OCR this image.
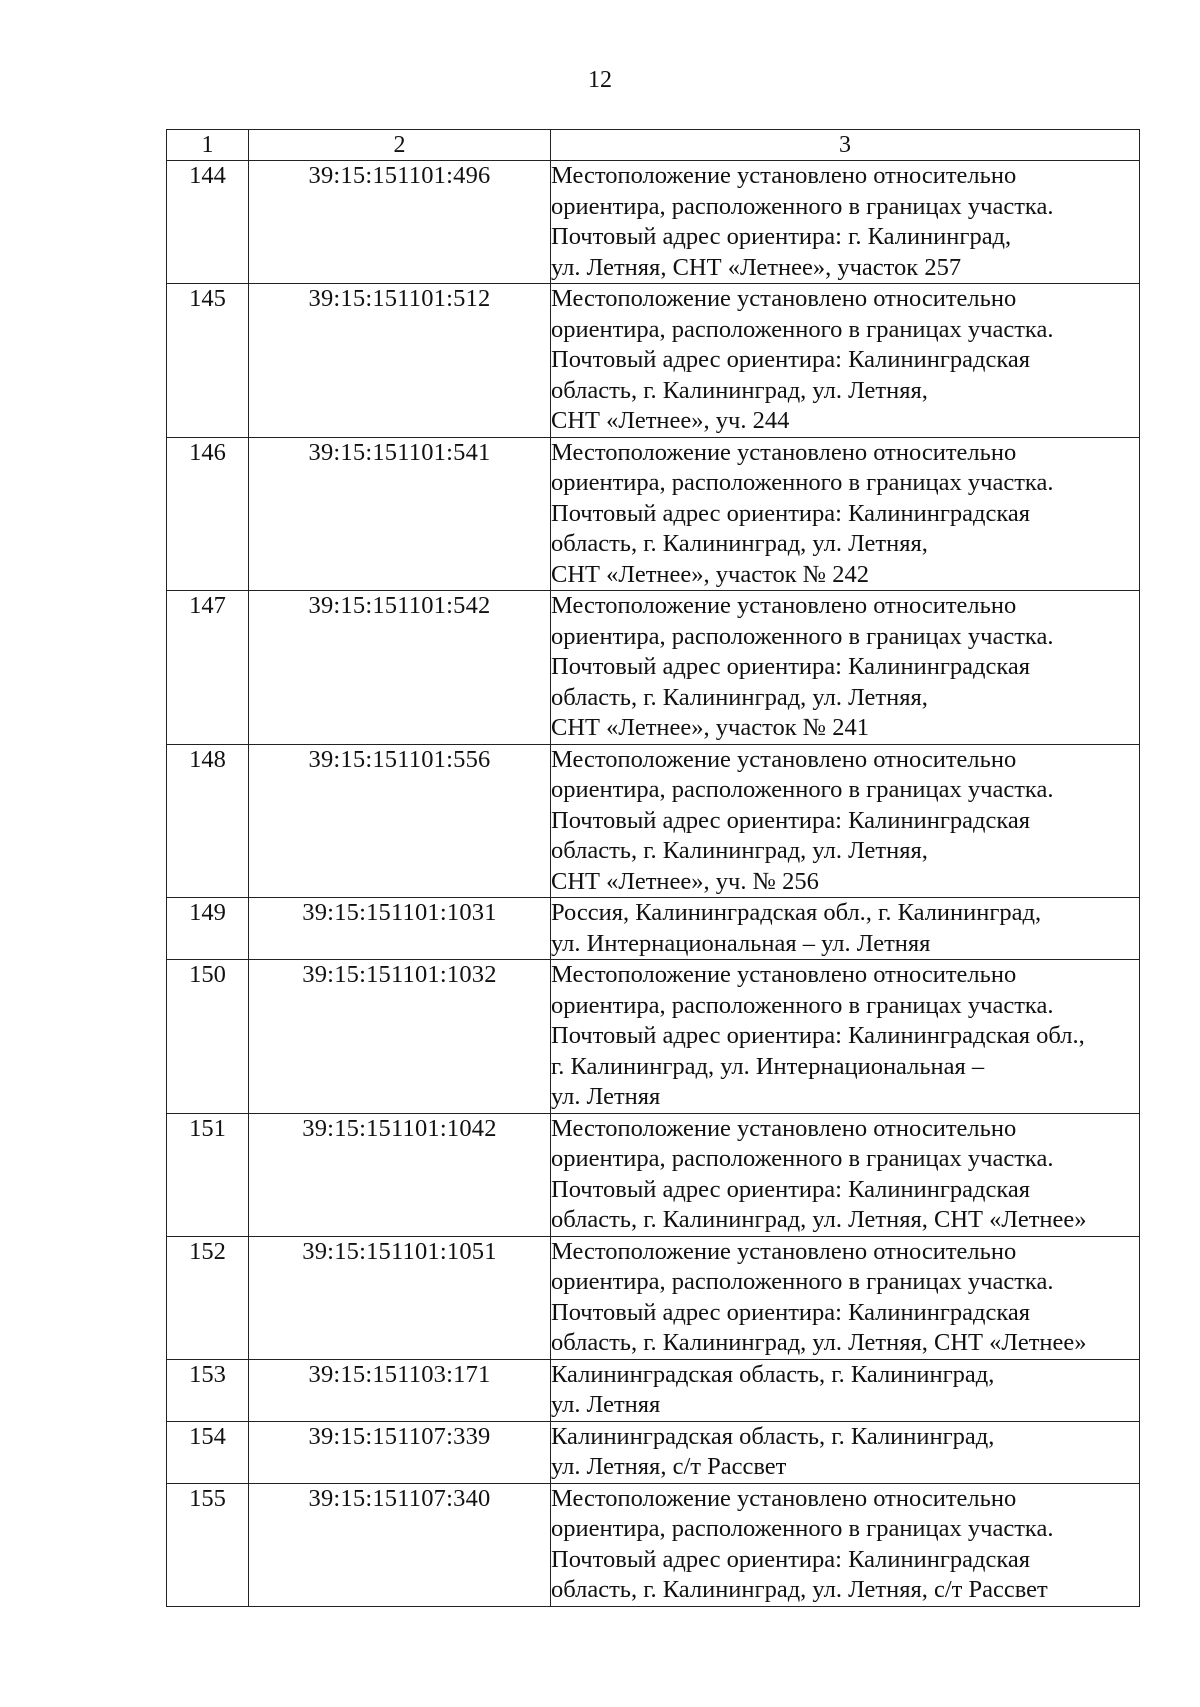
12
1	2	3
144	39:15:151101:496	Местоположение установлено относительно
ориентира, расположенного в границах участка.
Почтовый адрес ориентира: г. Калининград,
ул. Летняя, СНТ «Летнее», участок 257
145	39:15:151101:512	Местоположение установлено относительно
ориентира, расположенного в границах участка.
Почтовый адрес ориентира: Калининградская
область, г. Калининград, ул. Летняя,
СНТ «Летнее», уч. 244
146	39:15:151101:541	Местоположение установлено относительно
ориентира, расположенного в границах участка.
Почтовый адрес ориентира: Калининградская
область, г. Калининград, ул. Летняя,
СНТ «Летнее», участок № 242
147	39:15:151101:542	Местоположение установлено относительно
ориентира, расположенного в границах участка.
Почтовый адрес ориентира: Калининградская
область, г. Калининград, ул. Летняя,
СНТ «Летнее», участок № 241
148	39:15:151101:556	Местоположение установлено относительно
ориентира, расположенного в границах участка.
Почтовый адрес ориентира: Калининградская
область, г. Калининград, ул. Летняя,
СНТ «Летнее», уч. № 256
149	39:15:151101:1031	Россия, Калининградская обл., г. Калининград,
ул. Интернациональная – ул. Летняя
150	39:15:151101:1032	Местоположение установлено относительно
ориентира, расположенного в границах участка.
Почтовый адрес ориентира: Калининградская обл.,
г. Калининград, ул. Интернациональная –
ул. Летняя
151	39:15:151101:1042	Местоположение установлено относительно
ориентира, расположенного в границах участка.
Почтовый адрес ориентира: Калининградская
область, г. Калининград, ул. Летняя, СНТ «Летнее»
152	39:15:151101:1051	Местоположение установлено относительно
ориентира, расположенного в границах участка.
Почтовый адрес ориентира: Калининградская
область, г. Калининград, ул. Летняя, СНТ «Летнее»
153	39:15:151103:171	Калининградская область, г. Калининград,
ул. Летняя
154	39:15:151107:339	Калининградская область, г. Калининград,
ул. Летняя, с/т Рассвет
155	39:15:151107:340	Местоположение установлено относительно
ориентира, расположенного в границах участка.
Почтовый адрес ориентира: Калининградская
область, г. Калининград, ул. Летняя, с/т Рассвет
